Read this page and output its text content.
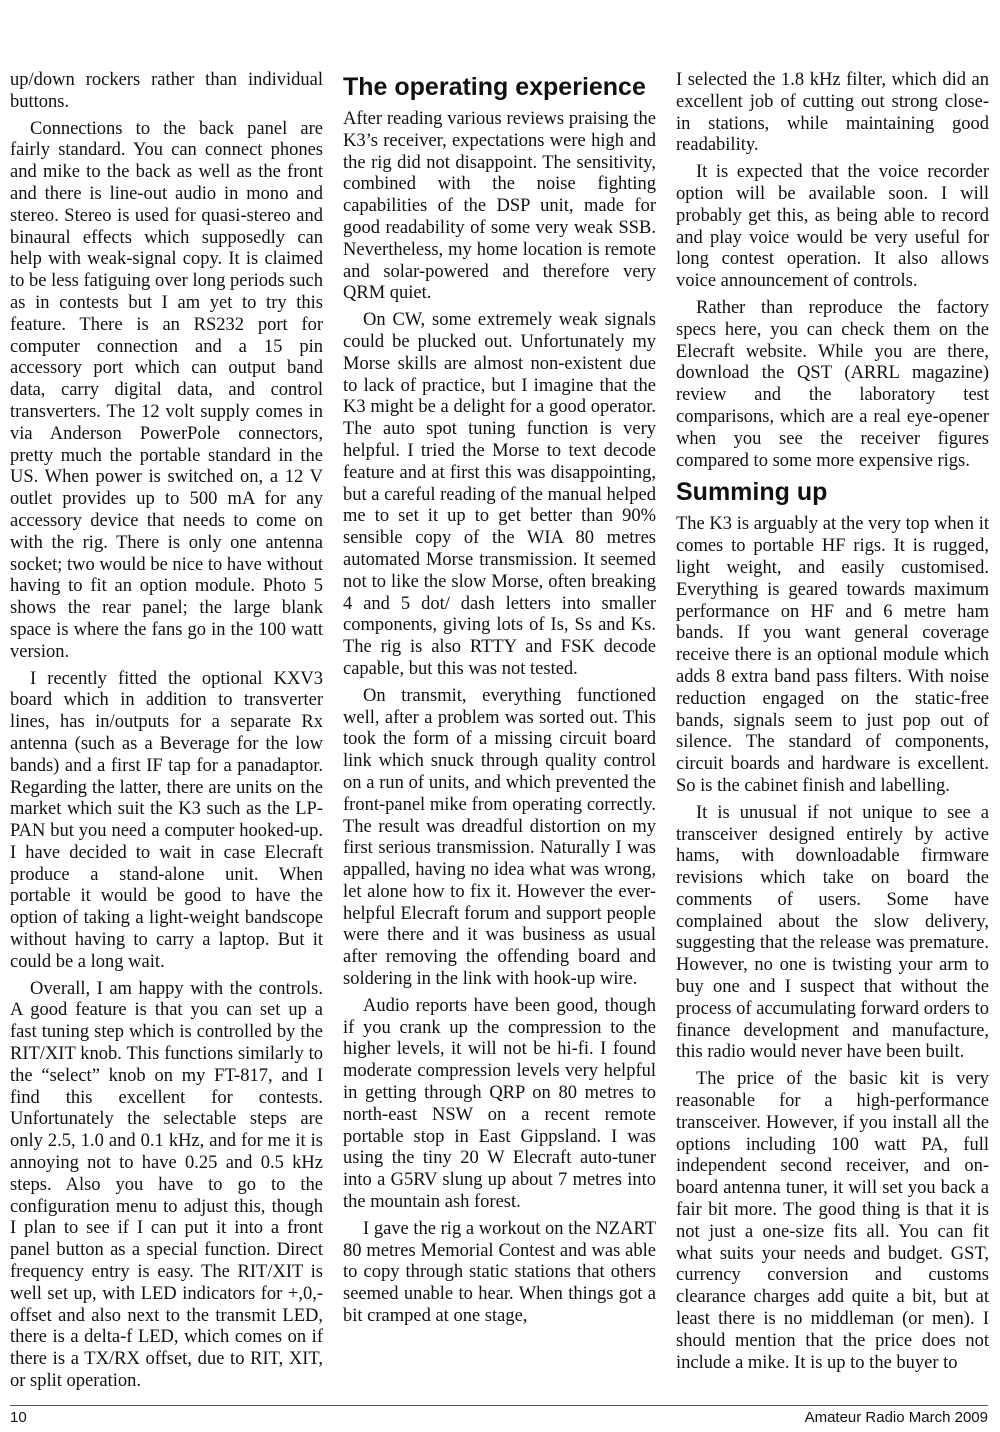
up/down rockers rather than individual buttons.

Connections to the back panel are fairly standard. You can connect phones and mike to the back as well as the front and there is line-out audio in mono and stereo. Stereo is used for quasi-stereo and binaural effects which supposedly can help with weak-signal copy. It is claimed to be less fatiguing over long periods such as in contests but I am yet to try this feature. There is an RS232 port for computer connection and a 15 pin accessory port which can output band data, carry digital data, and control transverters. The 12 volt supply comes in via Anderson PowerPole connectors, pretty much the portable standard in the US. When power is switched on, a 12 V outlet provides up to 500 mA for any accessory device that needs to come on with the rig. There is only one antenna socket; two would be nice to have without having to fit an option module. Photo 5 shows the rear panel; the large blank space is where the fans go in the 100 watt version.

I recently fitted the optional KXV3 board which in addition to transverter lines, has in/outputs for a separate Rx antenna (such as a Beverage for the low bands) and a first IF tap for a panadaptor. Regarding the latter, there are units on the market which suit the K3 such as the LP-PAN but you need a computer hooked-up. I have decided to wait in case Elecraft produce a stand-alone unit. When portable it would be good to have the option of taking a light-weight bandscope without having to carry a laptop. But it could be a long wait.

Overall, I am happy with the controls. A good feature is that you can set up a fast tuning step which is controlled by the RIT/XIT knob. This functions similarly to the “select” knob on my FT-817, and I find this excellent for contests. Unfortunately the selectable steps are only 2.5, 1.0 and 0.1 kHz, and for me it is annoying not to have 0.25 and 0.5 kHz steps. Also you have to go to the configuration menu to adjust this, though I plan to see if I can put it into a front panel button as a special function. Direct frequency entry is easy. The RIT/XIT is well set up, with LED indicators for +,0,- offset and also next to the transmit LED, there is a delta-f LED, which comes on if there is a TX/RX offset, due to RIT, XIT, or split operation.

The operating experience

After reading various reviews praising the K3’s receiver, expectations were high and the rig did not disappoint. The sensitivity, combined with the noise fighting capabilities of the DSP unit, made for good readability of some very weak SSB. Nevertheless, my home location is remote and solar-powered and therefore very QRM quiet.

On CW, some extremely weak signals could be plucked out. Unfortunately my Morse skills are almost non-existent due to lack of practice, but I imagine that the K3 might be a delight for a good operator. The auto spot tuning function is very helpful. I tried the Morse to text decode feature and at first this was disappointing, but a careful reading of the manual helped me to set it up to get better than 90% sensible copy of the WIA 80 metres automated Morse transmission. It seemed not to like the slow Morse, often breaking 4 and 5 dot/ dash letters into smaller components, giving lots of Is, Ss and Ks. The rig is also RTTY and FSK decode capable, but this was not tested.

On transmit, everything functioned well, after a problem was sorted out. This took the form of a missing circuit board link which snuck through quality control on a run of units, and which prevented the front-panel mike from operating correctly. The result was dreadful distortion on my first serious transmission. Naturally I was appalled, having no idea what was wrong, let alone how to fix it. However the ever-helpful Elecraft forum and support people were there and it was business as usual after removing the offending board and soldering in the link with hook-up wire.

Audio reports have been good, though if you crank up the compression to the higher levels, it will not be hi-fi. I found moderate compression levels very helpful in getting through QRP on 80 metres to north-east NSW on a recent remote portable stop in East Gippsland. I was using the tiny 20 W Elecraft auto-tuner into a G5RV slung up about 7 metres into the mountain ash forest.

I gave the rig a workout on the NZART 80 metres Memorial Contest and was able to copy through static stations that others seemed unable to hear. When things got a bit cramped at one stage,

I selected the 1.8 kHz filter, which did an excellent job of cutting out strong close-in stations, while maintaining good readability.

It is expected that the voice recorder option will be available soon. I will probably get this, as being able to record and play voice would be very useful for long contest operation. It also allows voice announcement of controls.

Rather than reproduce the factory specs here, you can check them on the Elecraft website. While you are there, download the QST (ARRL magazine) review and the laboratory test comparisons, which are a real eye-opener when you see the receiver figures compared to some more expensive rigs.

Summing up

The K3 is arguably at the very top when it comes to portable HF rigs. It is rugged, light weight, and easily customised. Everything is geared towards maximum performance on HF and 6 metre ham bands. If you want general coverage receive there is an optional module which adds 8 extra band pass filters. With noise reduction engaged on the static-free bands, signals seem to just pop out of silence. The standard of components, circuit boards and hardware is excellent. So is the cabinet finish and labelling.

It is unusual if not unique to see a transceiver designed entirely by active hams, with downloadable firmware revisions which take on board the comments of users. Some have complained about the slow delivery, suggesting that the release was premature. However, no one is twisting your arm to buy one and I suspect that without the process of accumulating forward orders to finance development and manufacture, this radio would never have been built.

The price of the basic kit is very reasonable for a high-performance transceiver. However, if you install all the options including 100 watt PA, full independent second receiver, and on-board antenna tuner, it will set you back a fair bit more. The good thing is that it is not just a one-size fits all. You can fit what suits your needs and budget. GST, currency conversion and customs clearance charges add quite a bit, but at least there is no middleman (or men). I should mention that the price does not include a mike. It is up to the buyer to

10	Amateur Radio March 2009
